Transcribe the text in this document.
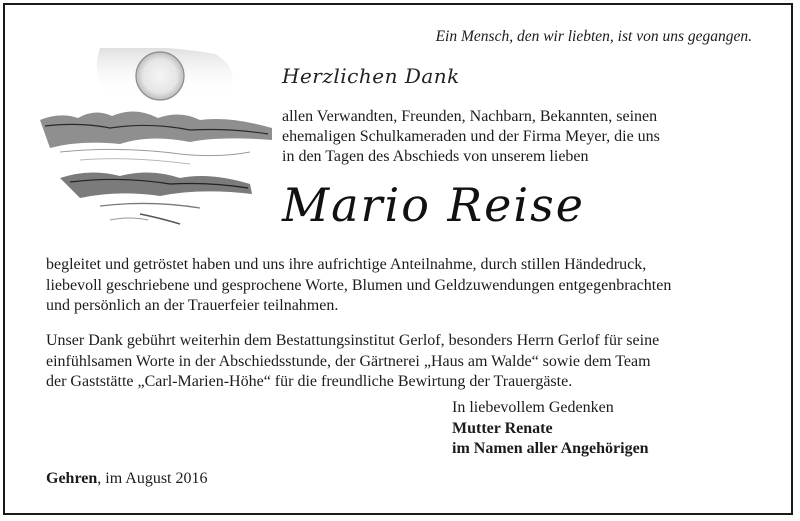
Ein Mensch, den wir liebten, ist von uns gegangen.
Herzlichen Dank

allen Verwandten, Freunden, Nachbarn, Bekannten, seinen

ehemaligen Schulkameraden und der Firma Meyer, die uns

in den Tagen des Abschieds von unserem lieben

Mario Reise

begleitet und getröstet haben und uns ihre aufrichtige Anteilnahme, durch stillen Händedruck,

liebevoll geschriebene und gesprochene Worte, Blumen und Geldzuwendungen entgegenbrachten

und persönlich an der Trauerfeier teilnahmen.

Unser Dank gebührt weiterhin dem Bestattungsinstitut Gerlof, besonders Herrn Gerlof für seine

einfühlsamen Worte in der Abschiedsstunde, der Gärtnerei „Haus am Walde“ sowie dem Team

der Gaststätte „Carl-Marien-Höhe“ für die freundliche Bewirtung der Trauergäste.

In liebevollem Gedenken

Mutter Renate

im Namen aller Angehörigen

Gehren, im August 2016
